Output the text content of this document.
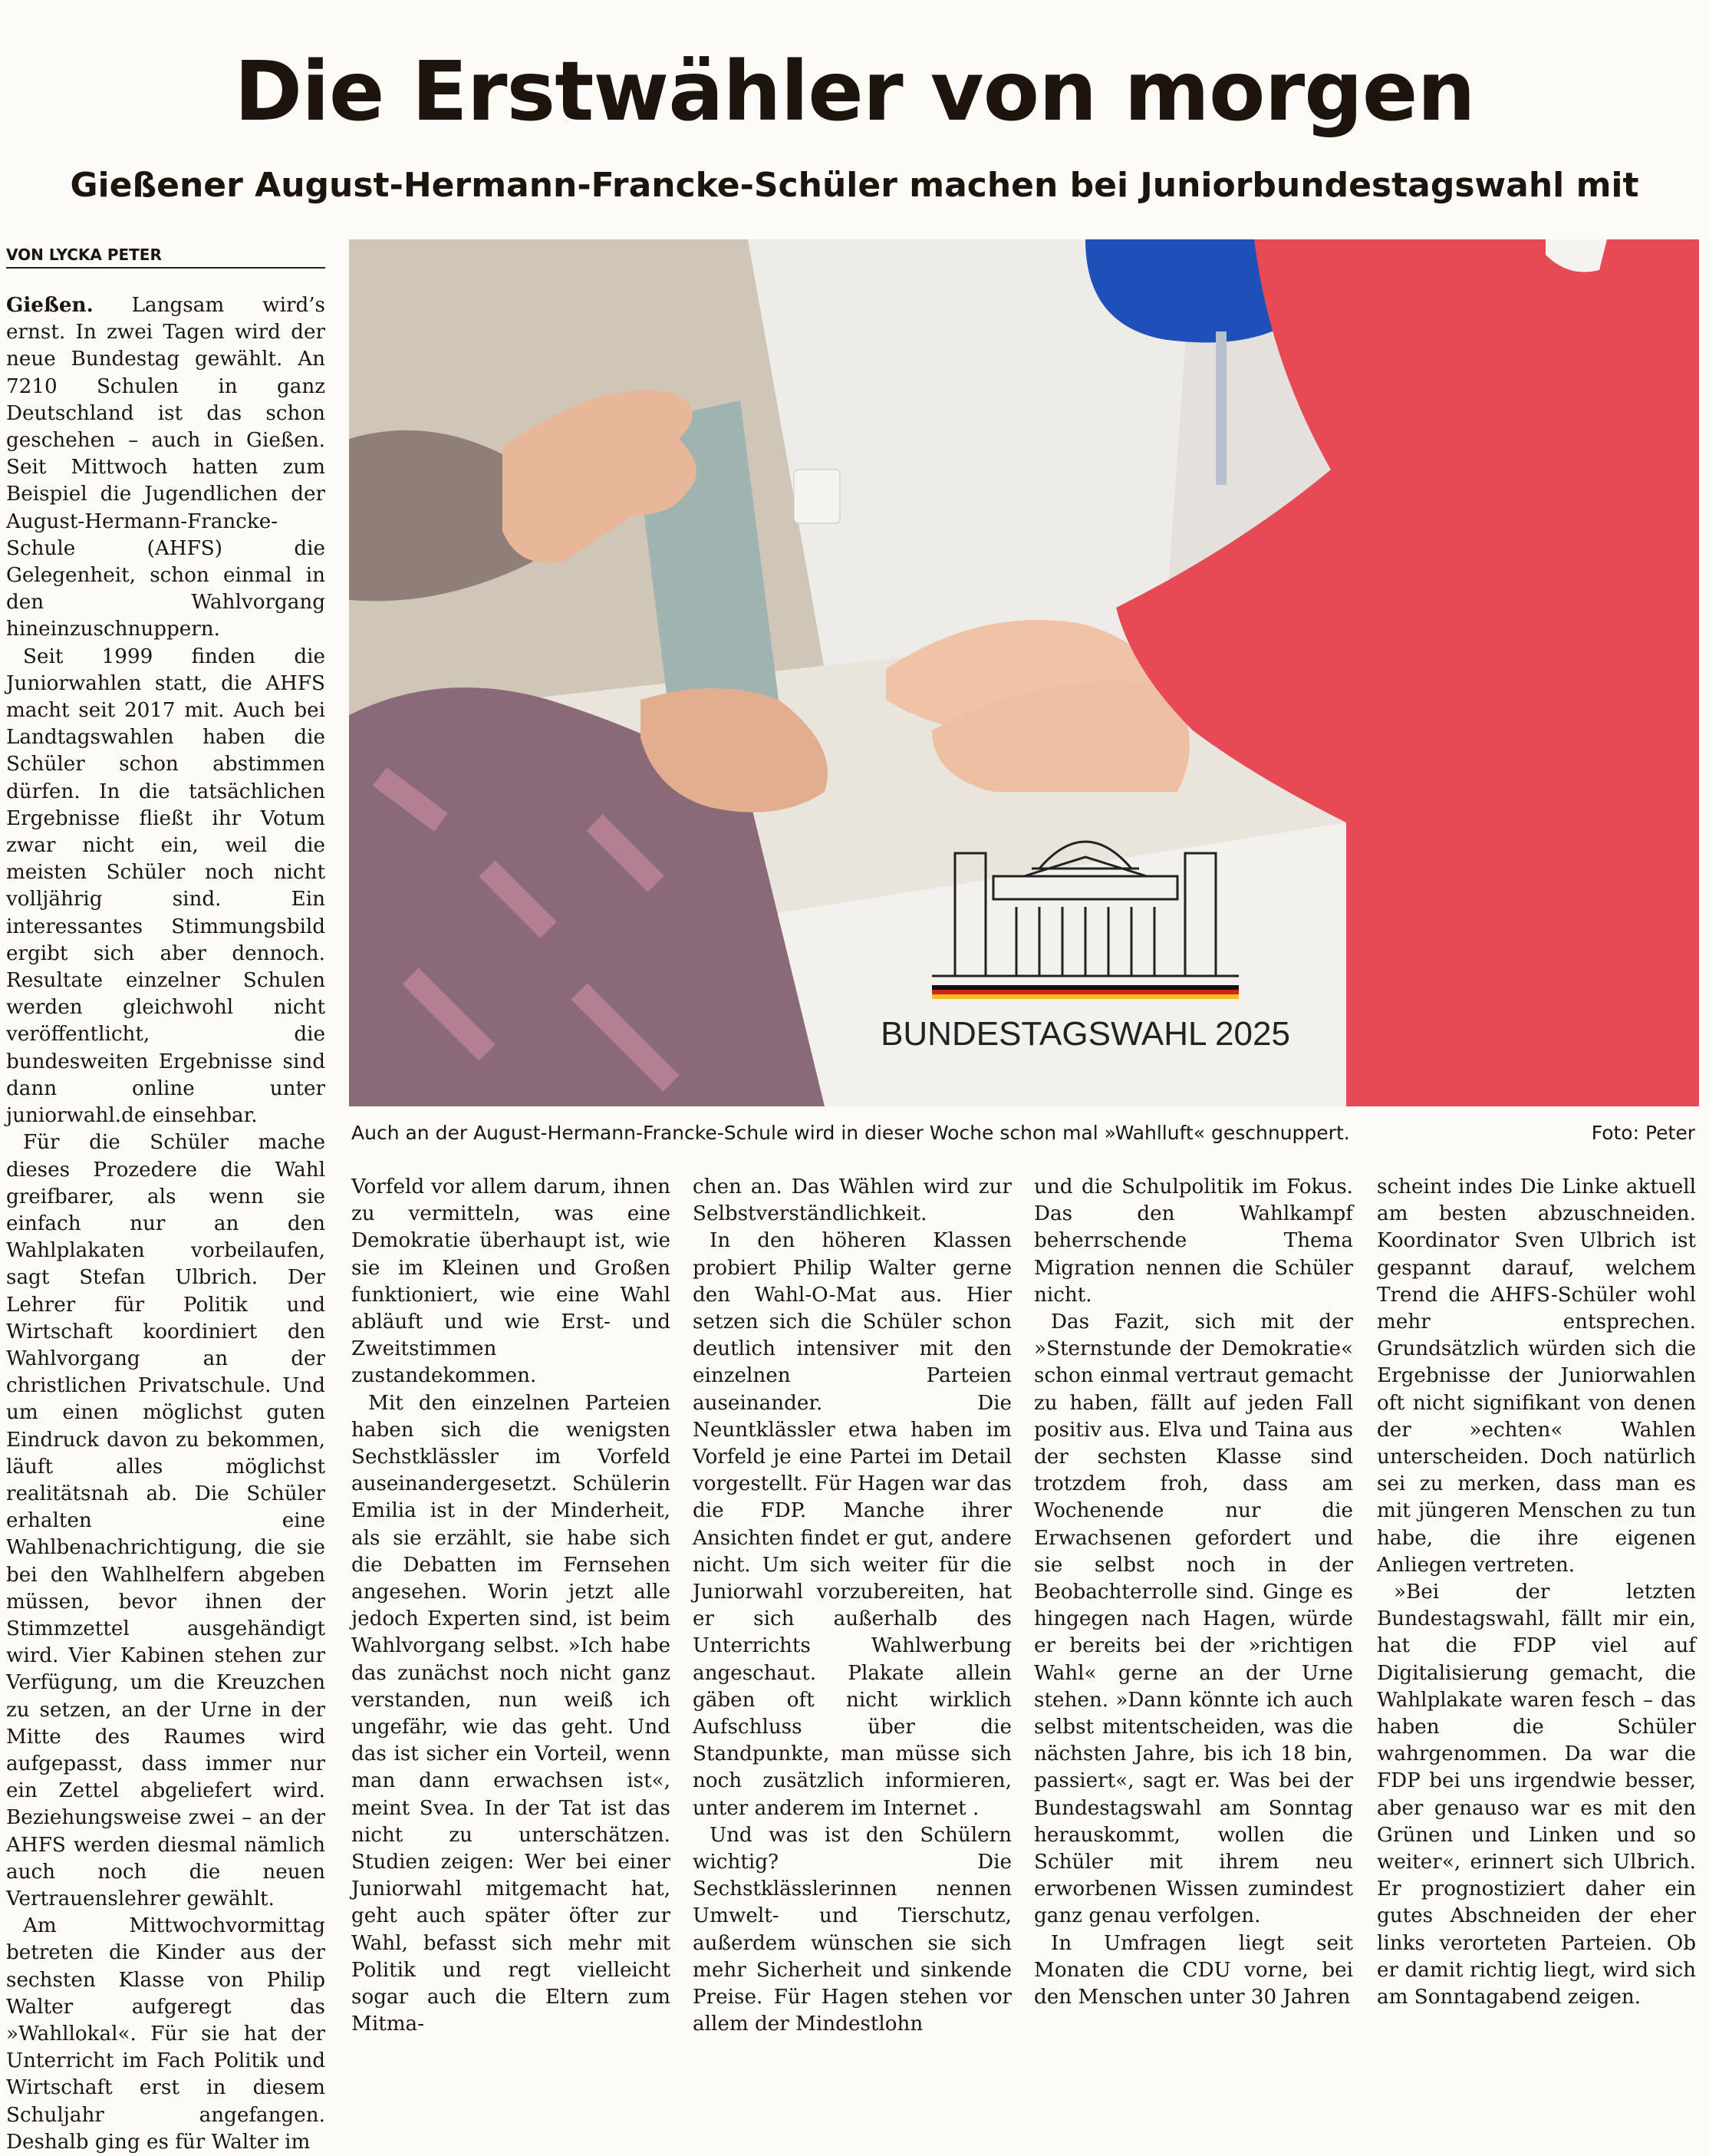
Die Erstwähler von morgen
Gießener August-Hermann-Francke-Schüler machen bei Juniorbundestagswahl mit
VON LYCKA PETER

Gießen. Langsam wird’s ernst. In zwei Tagen wird der neue Bundestag gewählt. An 7210 Schulen in ganz Deutschland ist das schon geschehen – auch in Gießen. Seit Mittwoch hatten zum Beispiel die Jugendlichen der August-Hermann-Francke-Schule (AHFS) die Gelegenheit, schon einmal in den Wahlvorgang hineinzuschnuppern.

Seit 1999 finden die Juniorwahlen statt, die AHFS macht seit 2017 mit. Auch bei Landtagswahlen haben die Schüler schon abstimmen dürfen. In die tatsächlichen Ergebnisse fließt ihr Votum zwar nicht ein, weil die meisten Schüler noch nicht volljährig sind. Ein interessantes Stimmungsbild ergibt sich aber dennoch. Resultate einzelner Schulen werden gleichwohl nicht veröffentlicht, die bundesweiten Ergebnisse sind dann online unter juniorwahl.de einsehbar.

Für die Schüler mache dieses Prozedere die Wahl greifbarer, als wenn sie einfach nur an den Wahlplakaten vorbeilaufen, sagt Stefan Ulbrich. Der Lehrer für Politik und Wirtschaft koordiniert den Wahlvorgang an der christlichen Privatschule. Und um einen möglichst guten Eindruck davon zu bekommen, läuft alles möglichst realitätsnah ab. Die Schüler erhalten eine Wahlbenachrichtigung, die sie bei den Wahlhelfern abgeben müssen, bevor ihnen der Stimmzettel ausgehändigt wird. Vier Kabinen stehen zur Verfügung, um die Kreuzchen zu setzen, an der Urne in der Mitte des Raumes wird aufgepasst, dass immer nur ein Zettel abgeliefert wird. Beziehungsweise zwei – an der AHFS werden diesmal nämlich auch noch die neuen Vertrauenslehrer gewählt.

Am Mittwochvormittag betreten die Kinder aus der sechsten Klasse von Philip Walter aufgeregt das »Wahllokal«. Für sie hat der Unterricht im Fach Politik und Wirtschaft erst in diesem Schuljahr angefangen. Deshalb ging es für Walter im

BUNDESTAGSWAHL 2025

Auch an der August-Hermann-Francke-Schule wird in dieser Woche schon mal »Wahlluft« geschnuppert.	Foto: Peter

Vorfeld vor allem darum, ihnen zu vermitteln, was eine Demokratie überhaupt ist, wie sie im Kleinen und Großen funktioniert, wie eine Wahl abläuft und wie Erst- und Zweitstimmen zustandekommen.

Mit den einzelnen Parteien haben sich die wenigsten Sechstklässler im Vorfeld auseinandergesetzt. Schülerin Emilia ist in der Minderheit, als sie erzählt, sie habe sich die Debatten im Fernsehen angesehen. Worin jetzt alle jedoch Experten sind, ist beim Wahlvorgang selbst. »Ich habe das zunächst noch nicht ganz verstanden, nun weiß ich ungefähr, wie das geht. Und das ist sicher ein Vorteil, wenn man dann erwachsen ist«, meint Svea. In der Tat ist das nicht zu unterschätzen. Studien zeigen: Wer bei einer Juniorwahl mitgemacht hat, geht auch später öfter zur Wahl, befasst sich mehr mit Politik und regt vielleicht sogar auch die Eltern zum Mitma-

chen an. Das Wählen wird zur Selbstverständlichkeit.

In den höheren Klassen probiert Philip Walter gerne den Wahl-O-Mat aus. Hier setzen sich die Schüler schon deutlich intensiver mit den einzelnen Parteien auseinander. Die Neuntklässler etwa haben im Vorfeld je eine Partei im Detail vorgestellt. Für Hagen war das die FDP. Manche ihrer Ansichten findet er gut, andere nicht. Um sich weiter für die Juniorwahl vorzubereiten, hat er sich außerhalb des Unterrichts Wahlwerbung angeschaut. Plakate allein gäben oft nicht wirklich Aufschluss über die Standpunkte, man müsse sich noch zusätzlich informieren, unter anderem im Internet .

Und was ist den Schülern wichtig? Die Sechstklässlerinnen nennen Umwelt- und Tierschutz, außerdem wünschen sie sich mehr Sicherheit und sinkende Preise. Für Hagen stehen vor allem der Mindestlohn

und die Schulpolitik im Fokus. Das den Wahlkampf beherrschende Thema Migration nennen die Schüler nicht.

Das Fazit, sich mit der »Sternstunde der Demokratie« schon einmal vertraut gemacht zu haben, fällt auf jeden Fall positiv aus. Elva und Taina aus der sechsten Klasse sind trotzdem froh, dass am Wochenende nur die Erwachsenen gefordert und sie selbst noch in der Beobachterrolle sind. Ginge es hingegen nach Hagen, würde er bereits bei der »richtigen Wahl« gerne an der Urne stehen. »Dann könnte ich auch selbst mitentscheiden, was die nächsten Jahre, bis ich 18 bin, passiert«, sagt er. Was bei der Bundestagswahl am Sonntag herauskommt, wollen die Schüler mit ihrem neu erworbenen Wissen zumindest ganz genau verfolgen.

In Umfragen liegt seit Monaten die CDU vorne, bei den Menschen unter 30 Jahren

scheint indes Die Linke aktuell am besten abzuschneiden. Koordinator Sven Ulbrich ist gespannt darauf, welchem Trend die AHFS-Schüler wohl mehr entsprechen. Grundsätzlich würden sich die Ergebnisse der Juniorwahlen oft nicht signifikant von denen der »echten« Wahlen unterscheiden. Doch natürlich sei zu merken, dass man es mit jüngeren Menschen zu tun habe, die ihre eigenen Anliegen vertreten.

»Bei der letzten Bundestagswahl, fällt mir ein, hat die FDP viel auf Digitalisierung gemacht, die Wahlplakate waren fesch – das haben die Schüler wahrgenommen. Da war die FDP bei uns irgendwie besser, aber genauso war es mit den Grünen und Linken und so weiter«, erinnert sich Ulbrich. Er prognostiziert daher ein gutes Abschneiden der eher links verorteten Parteien. Ob er damit richtig liegt, wird sich am Sonntagabend zeigen.
